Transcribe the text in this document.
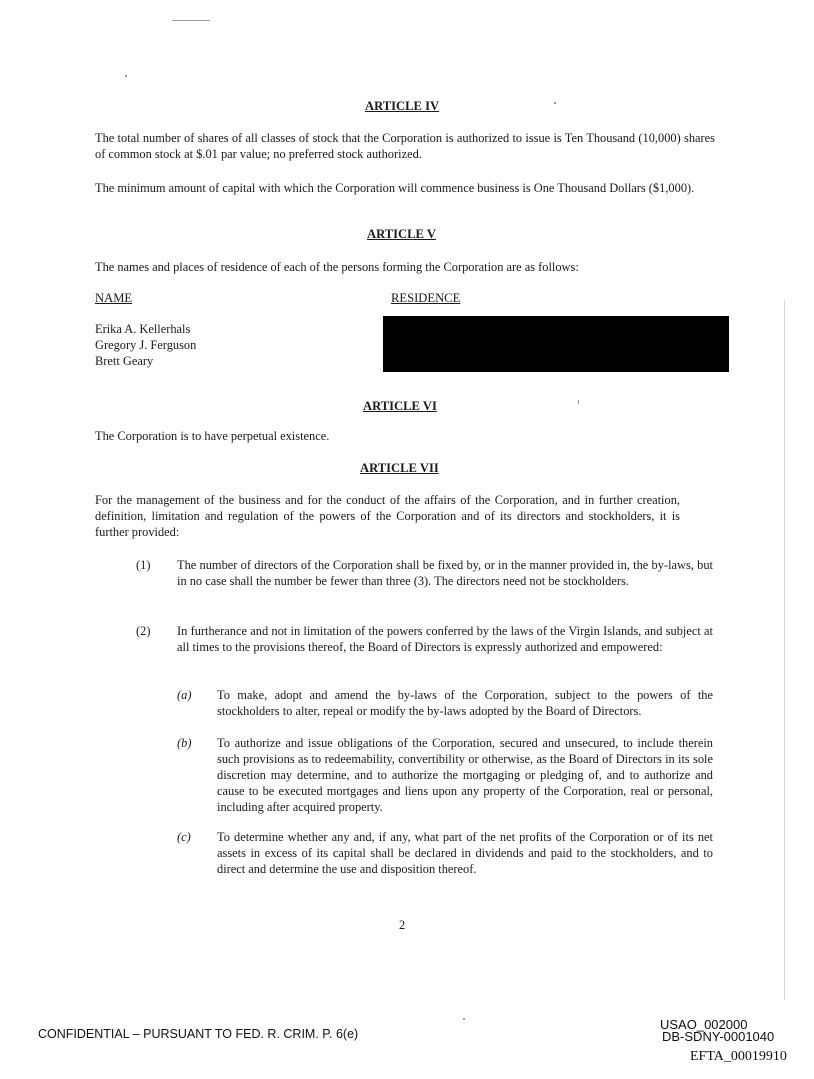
ARTICLE IV
The total number of shares of all classes of stock that the Corporation is authorized to issue is Ten Thousand (10,000) shares of common stock at $.01 par value; no preferred stock authorized.
The minimum amount of capital with which the Corporation will commence business is One Thousand Dollars ($1,000).
ARTICLE V
The names and places of residence of each of the persons forming the Corporation are as follows:
NAME	RESIDENCE
Erika A. Kellerhals
Gregory J. Ferguson
Brett Geary
ARTICLE VI
The Corporation is to have perpetual existence.
ARTICLE VII
For the management of the business and for the conduct of the affairs of the Corporation, and in further creation, definition, limitation and regulation of the powers of the Corporation and of its directors and stockholders, it is further provided:
(1) The number of directors of the Corporation shall be fixed by, or in the manner provided in, the by-laws, but in no case shall the number be fewer than three (3). The directors need not be stockholders.
(2) In furtherance and not in limitation of the powers conferred by the laws of the Virgin Islands, and subject at all times to the provisions thereof, the Board of Directors is expressly authorized and empowered:
(a) To make, adopt and amend the by-laws of the Corporation, subject to the powers of the stockholders to alter, repeal or modify the by-laws adopted by the Board of Directors.
(b) To authorize and issue obligations of the Corporation, secured and unsecured, to include therein such provisions as to redeemability, convertibility or otherwise, as the Board of Directors in its sole discretion may determine, and to authorize the mortgaging or pledging of, and to authorize and cause to be executed mortgages and liens upon any property of the Corporation, real or personal, including after acquired property.
(c) To determine whether any and, if any, what part of the net profits of the Corporation or of its net assets in excess of its capital shall be declared in dividends and paid to the stockholders, and to direct and determine the use and disposition thereof.
2
CONFIDENTIAL – PURSUANT TO FED. R. CRIM. P. 6(e)
USAO_002000
DB-SDNY-0001040
EFTA_00019910
